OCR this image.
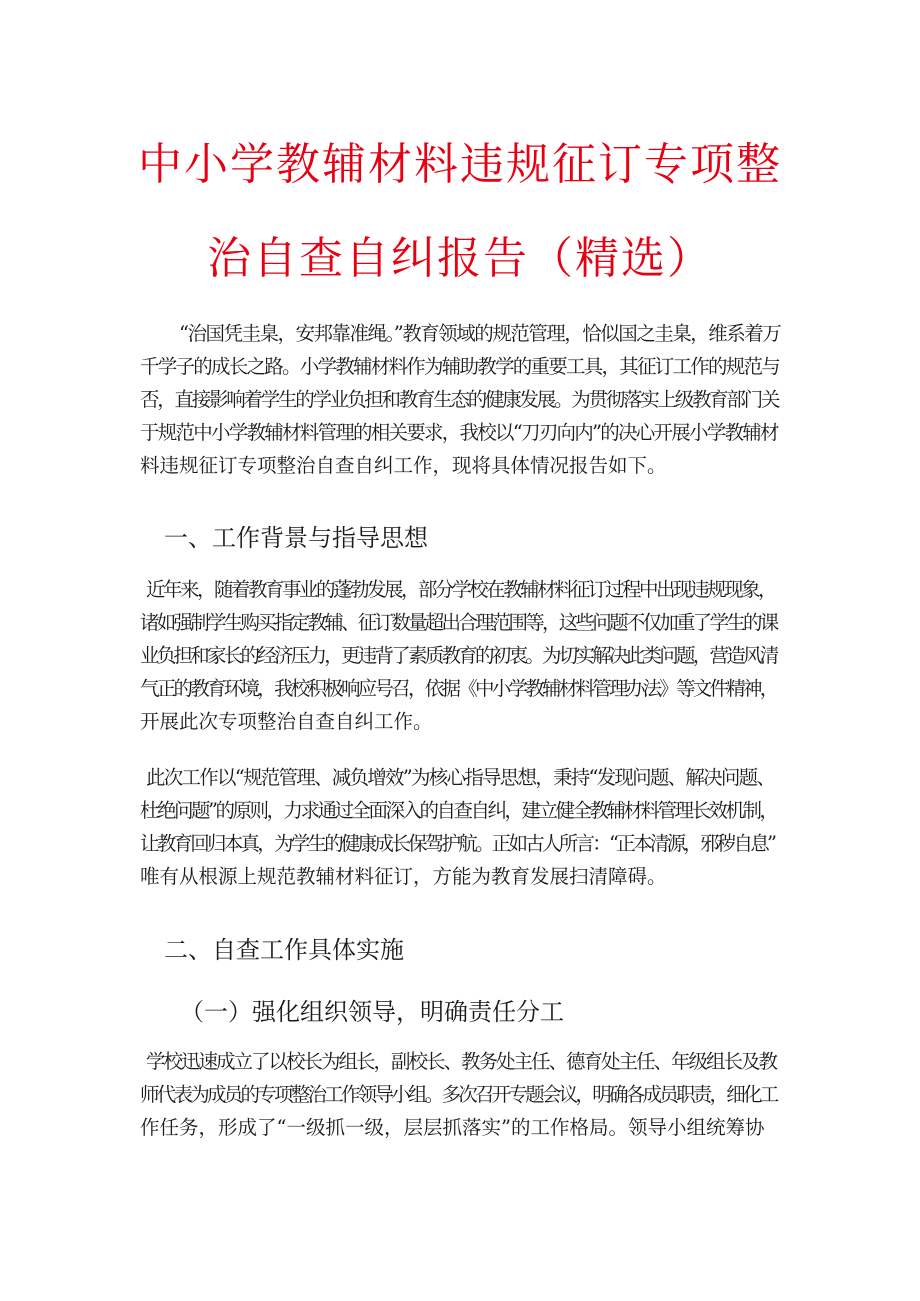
中小学教辅材料违规征订专项整
治自查自纠报告（精选）
“治国凭圭臬，安邦靠准绳。”教育领域的规范管理，恰似国之圭臬，维系着万
千学子的成长之路。小学教辅材料作为辅助教学的重要工具，其征订工作的规范与
否，直接影响着学生的学业负担和教育生态的健康发展。为贯彻落实上级教育部门关
于规范中小学教辅材料管理的相关要求，我校以“刀刃向内”的决心开展小学教辅材
料违规征订专项整治自查自纠工作，现将具体情况报告如下。
一、工作背景与指导思想
近年来，随着教育事业的蓬勃发展，部分学校在教辅材料征订过程中出现违规现象，
诸如强制学生购买指定教辅、征订数量超出合理范围等，这些问题不仅加重了学生的课
业负担和家长的经济压力，更违背了素质教育的初衷。为切实解决此类问题，营造风清
气正的教育环境，我校积极响应号召，依据《中小学教辅材料管理办法》等文件精神，
开展此次专项整治自查自纠工作。
此次工作以“规范管理、减负增效”为核心指导思想，秉持“发现问题、解决问题、
杜绝问题”的原则，力求通过全面深入的自查自纠，建立健全教辅材料管理长效机制，
让教育回归本真，为学生的健康成长保驾护航。正如古人所言：“正本清源，邪秽自息”
唯有从根源上规范教辅材料征订，方能为教育发展扫清障碍。
二、自查工作具体实施
（一）强化组织领导，明确责任分工
学校迅速成立了以校长为组长，副校长、教务处主任、德育处主任、年级组长及教
师代表为成员的专项整治工作领导小组。多次召开专题会议，明确各成员职责，细化工
作任务，形成了“一级抓一级，层层抓落实”的工作格局。领导小组统筹协
